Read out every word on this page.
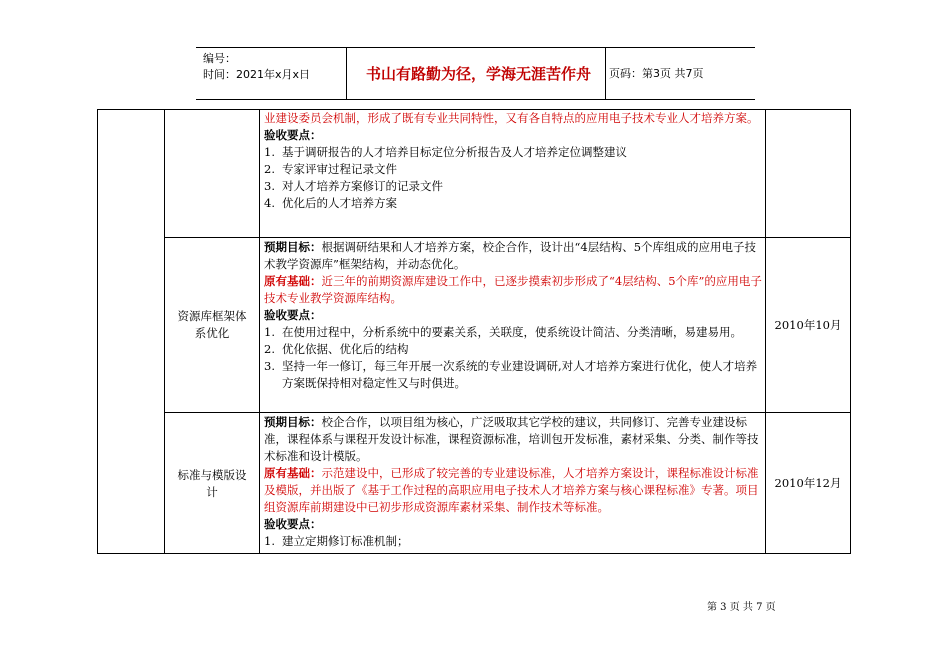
编号：
时间：2021年x月x日	书山有路勤为径，学海无涯苦作舟	页码：第3页 共7页
业建设委员会机制，形成了既有专业共同特性，又有各自特点的应用电子技术专业人才培养方案。
验收要点：
1. 基于调研报告的人才培养目标定位分析报告及人才培养定位调整建议
2. 专家评审过程记录文件
3. 对人才培养方案修订的记录文件
4. 优化后的人才培养方案
资源库框架体
系优化
预期目标：根据调研结果和人才培养方案，校企合作，设计出“4层结构、5个库组成的应用电子技术教学资源库”框架结构，并动态优化。
原有基础：近三年的前期资源库建设工作中，已逐步摸索初步形成了“4层结构、5个库”的应用电子技术专业教学资源库结构。
验收要点：
1. 在使用过程中，分析系统中的要素关系，关联度，使系统设计简洁、分类清晰，易建易用。
2. 优化依据、优化后的结构
3. 坚持一年一修订，每三年开展一次系统的专业建设调研,对人才培养方案进行优化，使人才培养方案既保持相对稳定性又与时俱进。
2010年10月
标准与模版设
计
预期目标：校企合作，以项目组为核心，广泛吸取其它学校的建议，共同修订、完善专业建设标准，课程体系与课程开发设计标准，课程资源标准，培训包开发标准，素材采集、分类、制作等技术标准和设计模版。
原有基础：示范建设中，已形成了较完善的专业建设标准，人才培养方案设计，课程标准设计标准及模版，并出版了《基于工作过程的高职应用电子技术人才培养方案与核心课程标准》专著。项目组资源库前期建设中已初步形成资源库素材采集、制作技术等标准。
验收要点：
1. 建立定期修订标准机制；
2010年12月
第 3 页 共 7 页
